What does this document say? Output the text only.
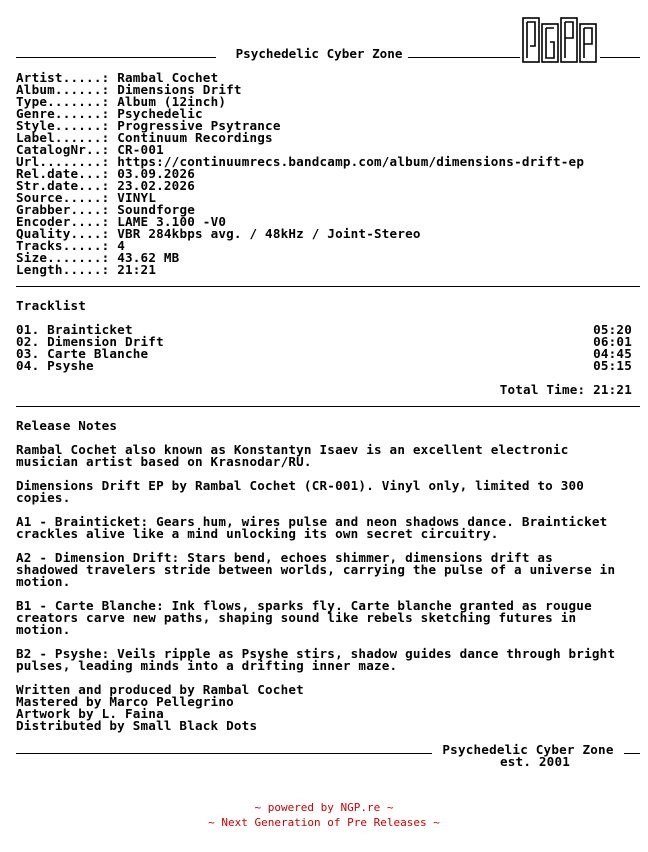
Psychedelic Cyber Zone
Artist.....: Rambal Cochet
Album......: Dimensions Drift
Type.......: Album (12inch)
Genre......: Psychedelic
Style......: Progressive Psytrance
Label......: Continuum Recordings
CatalogNr..: CR-001
Url........: https://continuumrecs.bandcamp.com/album/dimensions-drift-ep
Rel.date...: 03.09.2026
Str.date...: 23.02.2026
Source.....: VINYL
Grabber....: Soundforge
Encoder....: LAME 3.100 -V0
Quality....: VBR 284kbps avg. / 48kHz / Joint-Stereo
Tracks.....: 4
Size.......: 43.62 MB
Length.....: 21:21
Tracklist

01. Brainticket	05:20
02. Dimension Drift	06:01
03. Carte Blanche	04:45
04. Psyshe	05:15

Total Time: 21:21
Release Notes

Rambal Cochet also known as Konstantyn Isaev is an excellent electronic
musician artist based on Krasnodar/RU.

Dimensions Drift EP by Rambal Cochet (CR-001). Vinyl only, limited to 300
copies.

A1 - Brainticket: Gears hum, wires pulse and neon shadows dance. Brainticket
crackles alive like a mind unlocking its own secret circuitry.

A2 - Dimension Drift: Stars bend, echoes shimmer, dimensions drift as
shadowed travelers stride between worlds, carrying the pulse of a universe in
motion.

B1 - Carte Blanche: Ink flows, sparks fly. Carte blanche granted as rougue
creators carve new paths, shaping sound like rebels sketching futures in
motion.

B2 - Psyshe: Veils ripple as Psyshe stirs, shadow guides dance through bright
pulses, leading minds into a drifting inner maze.

Written and produced by Rambal Cochet
Mastered by Marco Pellegrino
Artwork by L. Faina
Distributed by Small Black Dots
Psychedelic Cyber Zone
est. 2001
~ powered by NGP.re ~
~ Next Generation of Pre Releases ~
